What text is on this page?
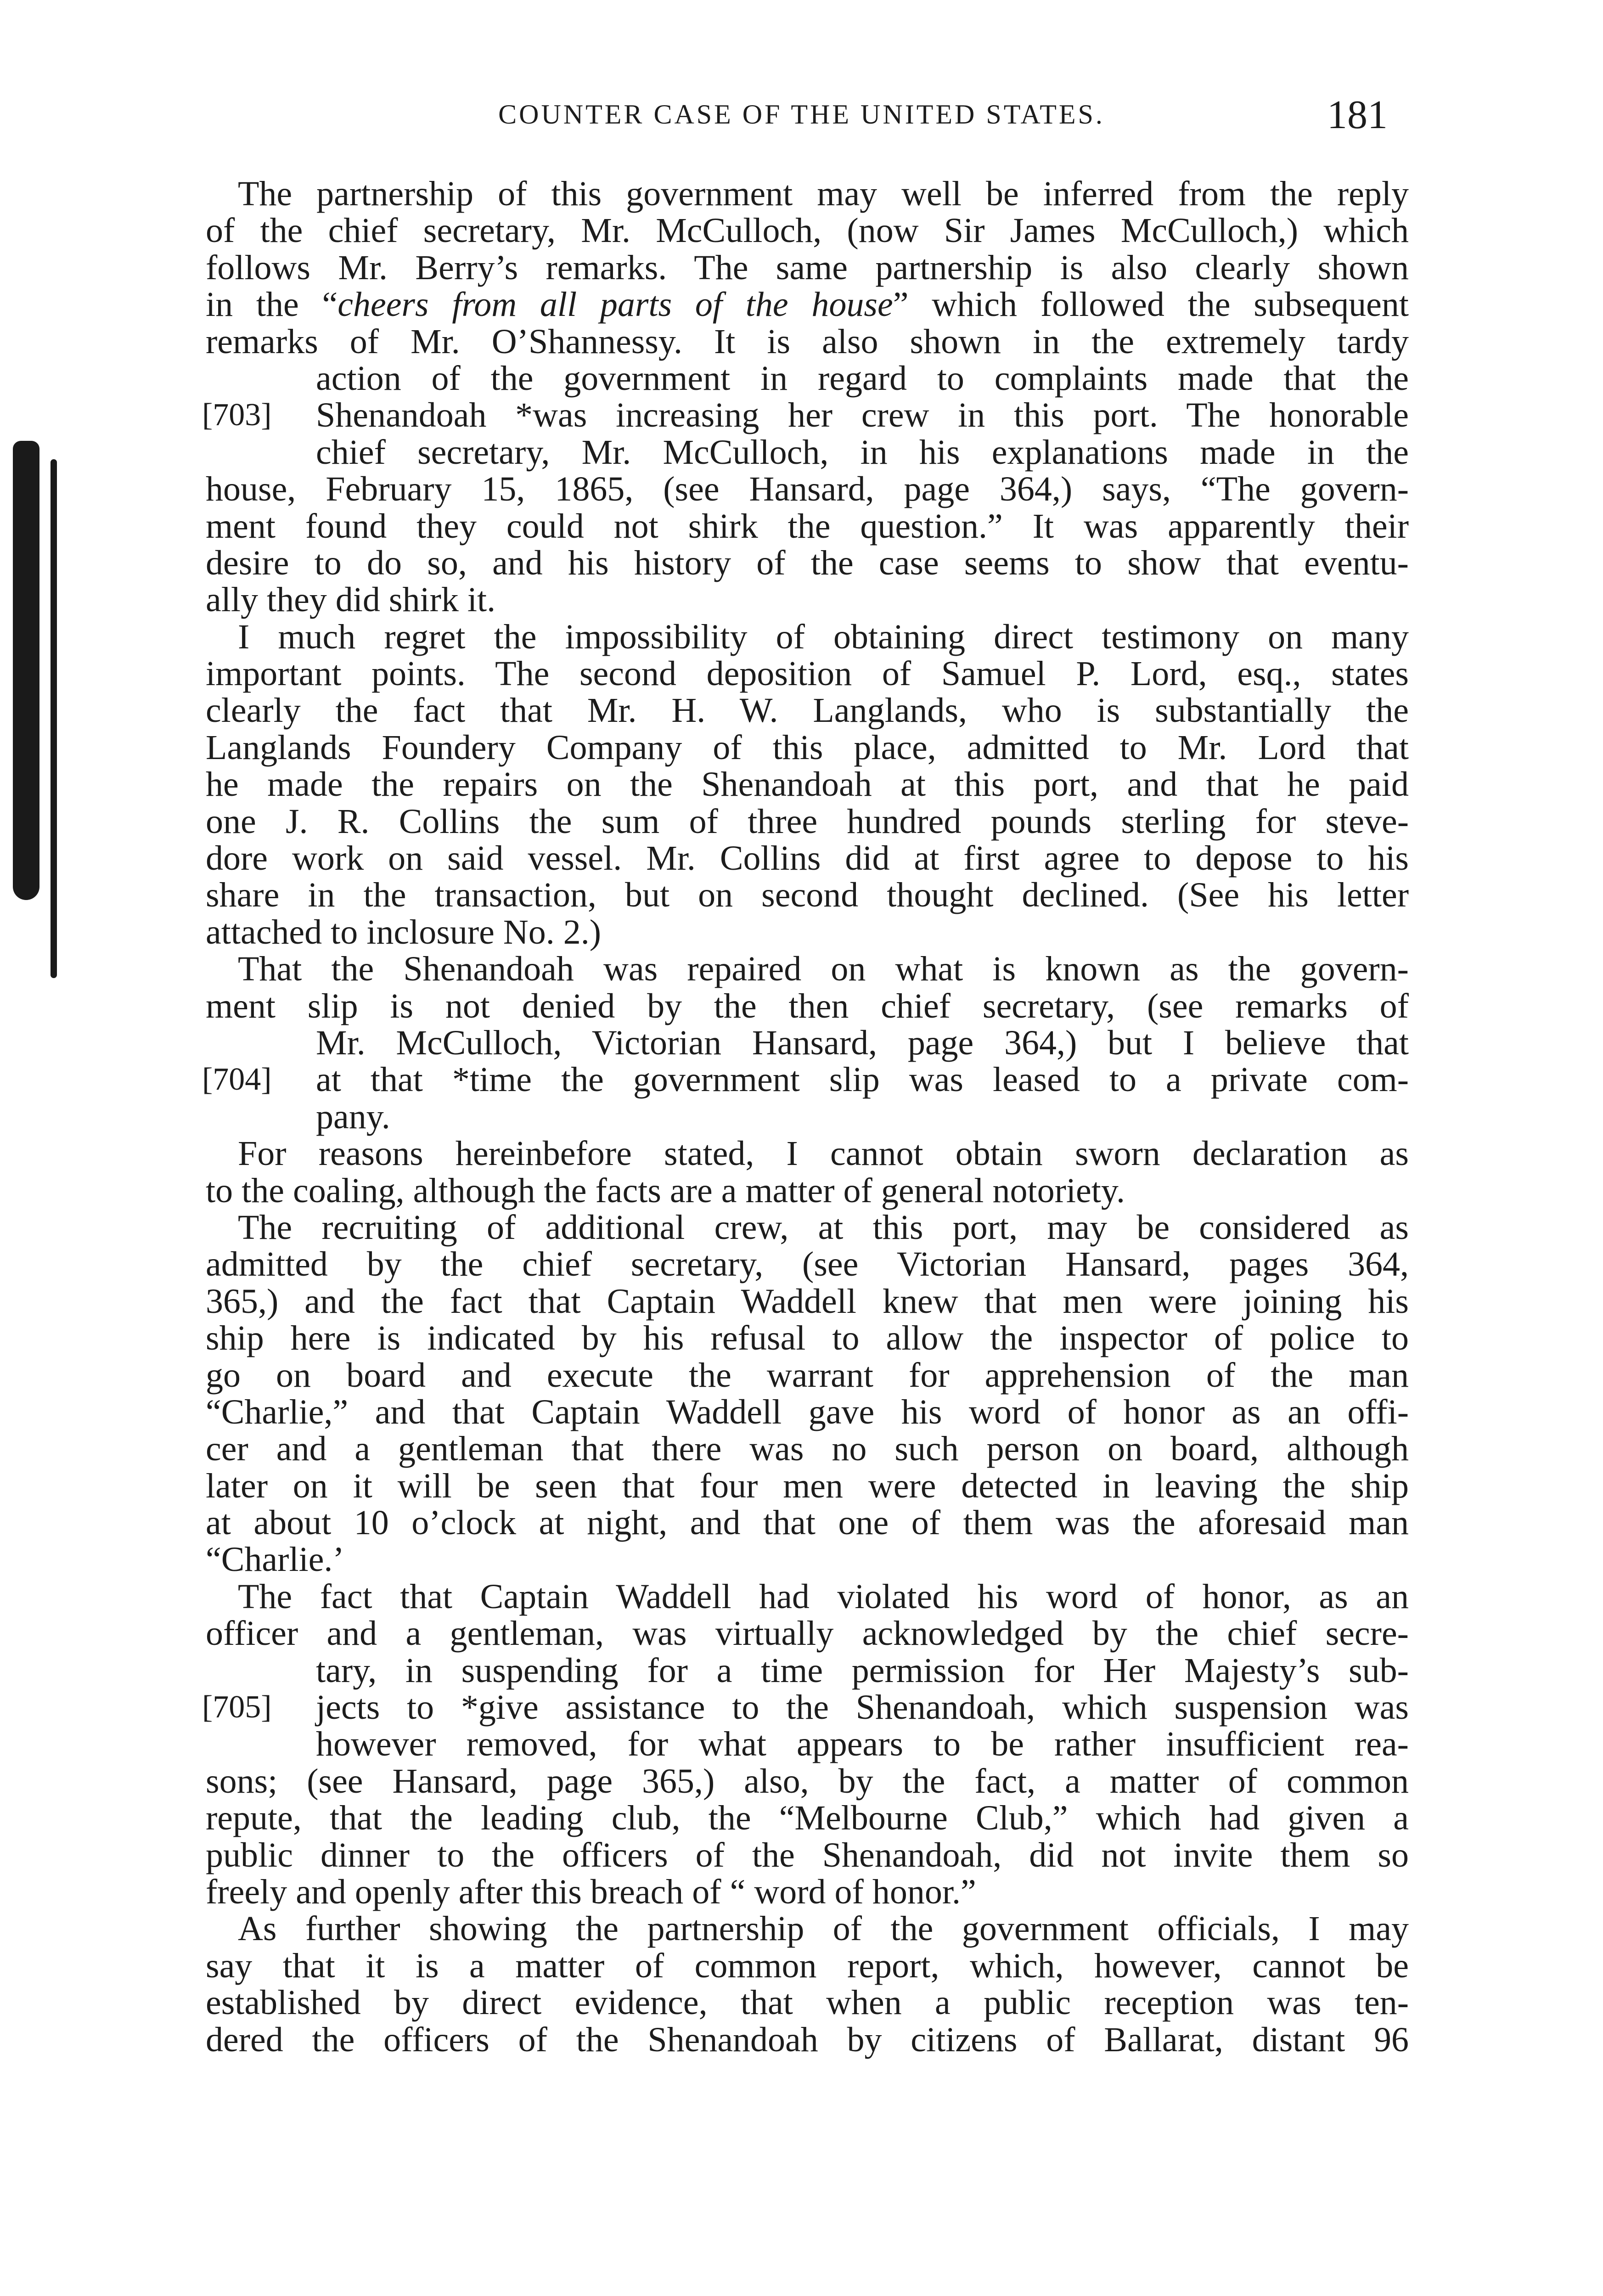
COUNTER CASE OF THE UNITED STATES.	181
The partnership of this government may well be inferred from the reply
of the chief secretary, Mr. McCulloch, (now Sir James McCulloch,) which
follows Mr. Berry’s remarks. The same partnership is also clearly shown
in the “cheers from all parts of the house” which followed the subsequent
remarks of Mr. O’Shannessy. It is also shown in the extremely tardy
action of the government in regard to complaints made that the
[703] Shenandoah *was increasing her crew in this port. The honorable
chief secretary, Mr. McCulloch, in his explanations made in the
house, February 15, 1865, (see Hansard, page 364,) says, “The govern-
ment found they could not shirk the question.” It was apparently their
desire to do so, and his history of the case seems to show that eventu-
ally they did shirk it.
I much regret the impossibility of obtaining direct testimony on many
important points. The second deposition of Samuel P. Lord, esq., states
clearly the fact that Mr. H. W. Langlands, who is substantially the
Langlands Foundery Company of this place, admitted to Mr. Lord that
he made the repairs on the Shenandoah at this port, and that he paid
one J. R. Collins the sum of three hundred pounds sterling for steve-
dore work on said vessel. Mr. Collins did at first agree to depose to his
share in the transaction, but on second thought declined. (See his letter
attached to inclosure No. 2.)
That the Shenandoah was repaired on what is known as the govern-
ment slip is not denied by the then chief secretary, (see remarks of
Mr. McCulloch, Victorian Hansard, page 364,) but I believe that
[704] at that *time the government slip was leased to a private com-
pany.
For reasons hereinbefore stated, I cannot obtain sworn declaration as
to the coaling, although the facts are a matter of general notoriety.
The recruiting of additional crew, at this port, may be considered as
admitted by the chief secretary, (see Victorian Hansard, pages 364,
365,) and the fact that Captain Waddell knew that men were joining his
ship here is indicated by his refusal to allow the inspector of police to
go on board and execute the warrant for apprehension of the man
“Charlie,” and that Captain Waddell gave his word of honor as an offi-
cer and a gentleman that there was no such person on board, although
later on it will be seen that four men were detected in leaving the ship
at about 10 o’clock at night, and that one of them was the aforesaid man
“Charlie.’
The fact that Captain Waddell had violated his word of honor, as an
officer and a gentleman, was virtually acknowledged by the chief secre-
tary, in suspending for a time permission for Her Majesty’s sub-
[705] jects to *give assistance to the Shenandoah, which suspension was
however removed, for what appears to be rather insufficient rea-
sons; (see Hansard, page 365,) also, by the fact, a matter of common
repute, that the leading club, the “Melbourne Club,” which had given a
public dinner to the officers of the Shenandoah, did not invite them so
freely and openly after this breach of “ word of honor.”
As further showing the partnership of the government officials, I may
say that it is a matter of common report, which, however, cannot be
established by direct evidence, that when a public reception was ten-
dered the officers of the Shenandoah by citizens of Ballarat, distant 96
